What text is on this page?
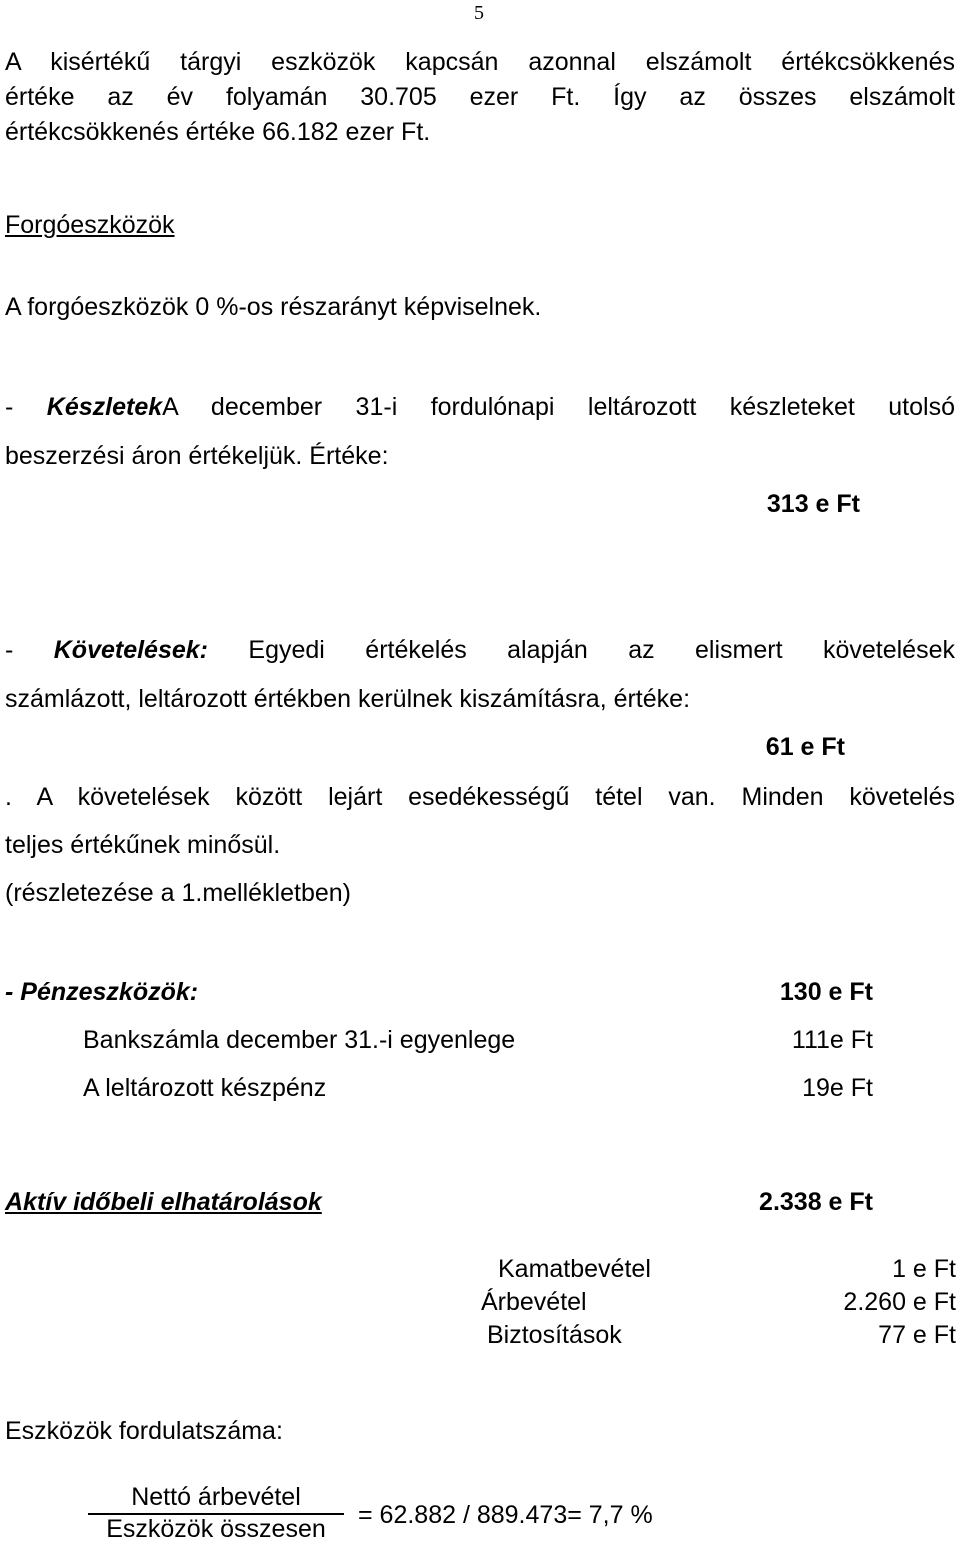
5
A kisértékű tárgyi eszközök kapcsán azonnal elszámolt értékcsökkenés
értéke az év folyamán 30.705 ezer Ft. Így az összes elszámolt
értékcsökkenés értéke 66.182 ezer Ft.
Forgóeszközök
A forgóeszközök 0 %-os részarányt képviselnek.
- KészletekA december 31-i fordulónapi leltározott készleteket utolsó
beszerzési áron értékeljük. Értéke:
313 e Ft
- Követelések: Egyedi értékelés alapján az elismert követelések
számlázott, leltározott értékben kerülnek kiszámításra, értéke:
61 e Ft
. A követelések között lejárt esedékességű tétel van. Minden követelés
teljes értékűnek minősül.
(részletezése a 1.mellékletben)
- Pénzeszközök:	130 e Ft
Bankszámla december 31.-i egyenlege	111e Ft
A leltározott készpénz	19e Ft
Aktív időbeli elhatárolások	2.338 e Ft
Kamatbevétel	1 e Ft
Árbevétel	2.260 e Ft
Biztosítások	77 e Ft
Eszközök fordulatszáma:
Nettó árbevétel
Eszközök összesen	= 62.882 / 889.473= 7,7 %
